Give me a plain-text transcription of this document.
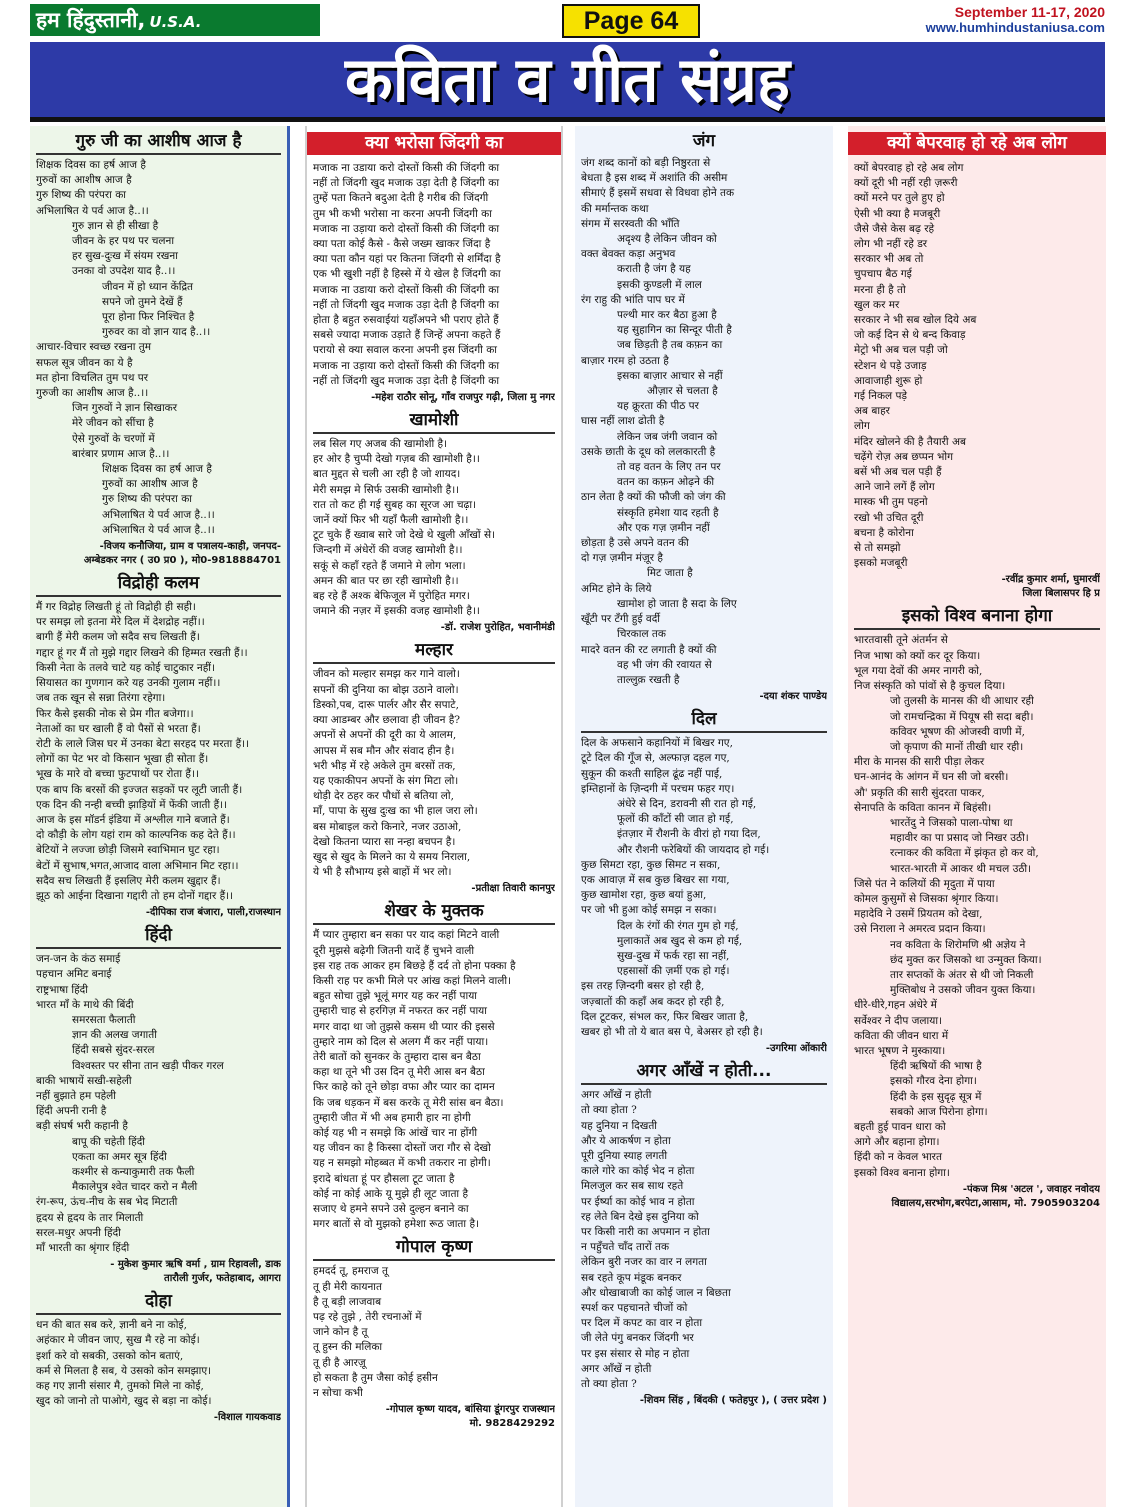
हम हिंदुस्तानी, U.S.A.	Page 64	September 11-17, 2020
www.humhindustaniusa.com
कविता व गीत संग्रह
गुरु जी का आशीष आज है
शिक्षक दिवस का हर्ष आज है
गुरुवों का आशीष आज है
गुरु शिष्य की परंपरा का
अभिलाषित ये पर्व आज है..।।
गुरु ज्ञान से ही सीखा है
जीवन के हर पथ पर चलना
हर सुख-दुःख में संयम रखना
उनका वो उपदेश याद है..।।
जीवन में हो ध्यान केंद्रित
सपने जो तुमने देखें हैं
पूरा होना फिर निश्चित है
गुरुवर का वो ज्ञान याद है..।।
आचार-विचार स्वच्छ रखना तुम
सफल सूत्र जीवन का ये है
मत होना विचलित तुम पथ पर
गुरुजी का आशीष आज है..।।
जिन गुरुवों ने ज्ञान सिखाकर
मेरे जीवन को सींचा है
ऐसे गुरुवों के चरणों में
बारंबार प्रणाम आज है..।।
शिक्षक दिवस का हर्ष आज है
गुरुवों का आशीष आज है
गुरु शिष्य की परंपरा का
अभिलाषित ये पर्व आज है..।।
अभिलाषित ये पर्व आज है..।।
-विजय कनौजिया, ग्राम व पत्रालय-काही, जनपद-
अम्बेडकर नगर ( उ0 प्र0 ), मो0-9818884701
विद्रोही कलम
मैं गर विद्रोह लिखती हूं तो विद्रोही ही सही।
पर समझ लो इतना मेरे दिल में देशद्रोह नहीं।।
बागी हैं मेरी कलम जो सदैव सच लिखती हैं।
गद्दार हूं गर मैं तो मुझे गद्दार लिखने की हिम्मत रखती हैं।।
किसी नेता के तलवे चाटे यह कोई चाटुकार नहीं।
सियासत का गुणगान करे यह उनकी गुलाम नहीं।।
जब तक खून से सन्ना तिरंगा रहेगा।
फिर कैसे इसकी नोक से प्रेम गीत बजेगा।।
नेताओं का घर खाली हैं वो पैसों से भरता हैं।
रोटी के लाले जिस घर में उनका बेटा सरहद पर मरता हैं।।
लोगों का पेट भर वो किसान भूखा ही सोता हैं।
भूख के मारे वो बच्चा फुटपाथों पर रोता हैं।।
एक बाप कि बरसों की इज्जत सड़कों पर लूटी जाती हैं।
एक दिन की नन्ही बच्ची झाड़ियों में फेंकी जाती हैं।।
आज के इस मॉडर्न इंडिया में अश्लील गाने बजाते हैं।
दो कौड़ी के लोग यहां राम को काल्पनिक कह देते हैं।।
बेटियों ने लज्जा छोड़ी जिसमे स्वाभिमान घुट रहा।
बेटों में सुभाष,भगत,आजाद वाला अभिमान मिट रहा।।
सदैव सच लिखती हैं इसलिए मेरी कलम खुद्दार हैं।
झूठ को आईना दिखाना गद्दारी तो हम दोनों गद्दार हैं।।
-दीपिका राज बंजारा, पाली,राजस्थान
हिंदी
जन-जन के कंठ समाई
पहचान अमिट बनाई
राष्ट्रभाषा हिंदी
भारत माँ के माथे की बिंदी
समरसता फैलाती
ज्ञान की अलख जगाती
हिंदी सबसे सुंदर-सरल
विश्वस्तर पर सीना तान खड़ी पीकर गरल
बाकी भाषायें सखी-सहेली
नहीं बुझाते हम पहेली
हिंदी अपनी रानी है
बड़ी संघर्ष भरी कहानी है
बापू की चहेती हिंदी
एकता का अमर सूत्र हिंदी
कश्मीर से कन्याकुमारी तक फैली
मैकालेपुत्र श्वेत चादर करो न मैली
रंग-रूप, ऊंच-नीच के सब भेद मिटाती
हृदय से हृदय के तार मिलाती
सरल-मधुर अपनी हिंदी
माँ भारती का श्रृंगार हिंदी
- मुकेश कुमार ऋषि वर्मा , ग्राम रिहावली, डाक
तारौली गुर्जर, फतेहाबाद, आगरा
दोहा
धन की बात सब करे, ज्ञानी बने ना कोई,
अहंकार मे जीवन जाए, सुख मै रहे ना कोई।
इर्शा करे वो सबकी, उसको कोन बताएं,
कर्म से मिलता है सब, ये उसको कोन समझाए।
कह गए ज्ञानी संसार मै, तुमको मिले ना कोई,
खुद को जानो तो पाओगे, खुद से बड़ा ना कोई।
-विशाल गायकवाड
क्या भरोसा जिंदगी का
मजाक ना उडाया करो दोस्तों किसी की जिंदगी का
नहीं तो जिंदगी खुद मजाक उड़ा देती है जिंदगी का
तुम्हें पता कितने बदुआ देती है गरीब की जिंदगी
तुम भी कभी भरोसा ना करना अपनी जिंदगी का
मजाक ना उड़ाया करो दोस्तों किसी की जिंदगी का
क्या पता कोई कैसे - कैसे जख्म खाकर जिंदा है
क्या पता कौन यहां पर कितना जिंदगी से शर्मिंदा है
एक भी खुशी नहीं है हिस्से में ये खेल है जिंदगी का
मजाक ना उडाया करो दोस्तों किसी की जिंदगी का
नहीं तो जिंदगी खुद मजाक उड़ा देती है जिंदगी का
होता है बहुत रुसवाईयां यहाँअपने भी पराए होते हैं
सबसे ज्यादा मजाक उड़ाते हैं जिन्हें अपना कहते हैं
परायो से क्या सवाल करना अपनी इस जिंदगी का
मजाक ना उड़ाया करो दोस्तों किसी की जिंदगी का
नहीं तो जिंदगी खुद मजाक उड़ा देती है जिंदगी का
-महेश राठौर सोनू, गाँव राजपुर गढ़ी, जिला मु नगर
खामोशी
लब सिल गए अजब की खामोशी है।
हर ओर है चुप्पी देखो गज़ब की खामोशी है।।
बात मुद्दत से चली आ रही है जो शायद।
मेरी समझ मे सिर्फ उसकी खामोशी है।।
रात तो कट ही गई सुबह का सूरज आ चढ़ा।
जानें क्यों फिर भी यहाँ फैली खामोशी है।।
टूट चुके हैं ख्वाब सारे जो देखे थे खुली आँखों से।
जिन्दगी में अंधेरों की वजह खामोशी है।।
सकूं से कहाँ रहते हैं जमाने मे लोग भला।
अमन की बात पर छा रही खामोशी है।।
बह रहे हैं अश्क बेफिजूल में पुरोहित मगर।
जमाने की नज़र में इसकी वजह खामोशी है।।
-डॉ. राजेश पुरोहित, भवानीमंडी
मल्हार
जीवन को मल्हार समझ कर गाने वालो।
सपनों की दुनिया का बोझ उठाने वालो।
डिस्को,पब, दारू पार्लर और सैर सपाटे,
क्या आडम्बर और छलावा ही जीवन है?
अपनों से अपनों की दूरी का ये आलम,
आपस में सब मौन और संवाद हीन है।
भरी भीड़ में रहे अकेले तुम बरसों तक,
यह एकाकीपन अपनों के संग मिटा लो।
थोड़ी देर ठहर कर पौधों से बतिया लो,
माँ, पापा के सुख दुःख का भी हाल जरा लो।
बस मोबाइल करो किनारे, नजर उठाओ,
देखो कितना प्यारा सा नन्हा बचपन है।
खुद से खुद के मिलने का ये समय निराला,
ये भी है सौभाग्य इसे बाहों में भर लो।
-प्रतीक्षा तिवारी कानपुर
शेखर के मुक्तक
मैं प्यार तुम्हारा बन सका पर याद कहां मिटने वाली
दूरी मुझसे बढ़ेगी जितनी यादें हैं चुभने वाली
इस राह तक आकर हम बिछड़े हैं दर्द तो होना पक्का है
किसी राह पर कभी मिले पर आंख कहां मिलने वाली।
बहुत सोचा तुझे भूलूं मगर यह कर नहीं पाया
तुम्हारी चाह से हरगिज़ में नफरत कर नहीं पाया
मगर वादा था जो तुझसे कसम थी प्यार की इससे
तुम्हारे नाम को दिल से अलग मैं कर नहीं पाया।
तेरी बातों को सुनकर के तुम्हारा दास बन बैठा
कहा था तूने भी उस दिन तू मेरी आस बन बैठा
फिर काहे को तूने छोड़ा वफा और प्यार का दामन
कि जब धड़कन में बस करके तू मेरी सांस बन बैठा।
तुम्हारी जीत में भी अब हमारी हार ना होगी
कोई यह भी न समझे कि आंखें चार ना होंगी
यह जीवन का है किस्सा दोस्तों जरा गौर से देखो
यह न समझो मोहब्बत में कभी तकरार ना होगी।
इरादे बांधता हूं पर हौसला टूट जाता है
कोई ना कोई आके यू मुझे ही लूट जाता है
सजाए थे हमने सपने उसे दुल्हन बनाने का
मगर बातों से वो मुझको हमेशा रूठ जाता है।
गोपाल कृष्ण
हमदर्द तू, हमराज तू
तू ही मेरी कायनात
है तू बड़ी लाजवाब
पढ़ रहे तुझे , तेरी रचनाओं में
जाने कोन है तू
तू हुस्न की मलिका
तू ही है आरज़ू
हो सकता है तुम जैसा कोई हसीन
न सोचा कभी
-गोपाल कृष्ण यादव, बांसिया डूंगरपुर राजस्थान
मो. 9828429292
जंग
जंग शब्द कानों को बड़ी निष्ठुरता से
बेधता है इस शब्द में अशांति की असीम
सीमाएं हैं इसमें सधवा से विधवा होने तक
की मर्मान्तक कथा
संगम में सरस्वती की भाँति
अदृश्य है लेकिन जीवन को
वक्त बेवक्त कड़ा अनुभव
कराती है जंग है यह
इसकी कुण्डली में लाल
रंग राहु की भांति पाप घर में
पल्थी मार कर बैठा हुआ है
यह सुहागिन का सिन्दूर पीती है
जब छिड़ती है तब कफ़न का
बाज़ार गरम हो उठता है
इसका बाज़ार आचार से नहीं
औज़ार से चलता है
यह क्रूरता की पीठ पर
घास नहीं लाश ढोती है
लेकिन जब जंगी जवान को
उसके छाती के दूध को ललकारती है
तो वह वतन के लिए तन पर
वतन का कफ़न ओढ़ने की
ठान लेता है क्यों की फौजी को जंग की
संस्कृति हमेशा याद रहती है
और एक गज़ ज़मीन नहीं
छोड़ता है उसे अपने वतन की
दो गज़ ज़मीन मंज़ूर है
मिट जाता है
अमिट होने के लिये
खामोश हो जाता है सदा के लिए
खूँटी पर टँगी हुई वर्दी
चिरकाल तक
मादरे वतन की रट लगाती है क्यों की
वह भी जंग की रवायत से
ताल्लुक़ रखती है
-दया शंकर पाण्डेय
दिल
दिल के अफसाने कहानियों में बिखर गए,
टूटे दिल की गूँज से, अल्फाज़ दहल गए,
सुकून की कश्ती साहिल ढूंढ नहीं पाई,
इम्तिहानों के ज़िन्दगी में परचम फहर गए।
अंधेरे से दिन, डरावनी सी रात हो गई,
फूलों की काँटों सी जात हो गई,
इंतज़ार में रौशनी के वीरां हो गया दिल,
और रौशनी फरेबियों की जायदाद हो गई।
कुछ सिमटा रहा, कुछ सिमट न सका,
एक आवाज़ में सब कुछ बिखर सा गया,
कुछ खामोश रहा, कुछ बयां हुआ,
पर जो भी हुआ कोई समझ न सका।
दिल के रंगों की रंगत गुम हो गई,
मुलाकातें अब खुद से कम हो गई,
सुख-दुख में फर्क रहा सा नहीं,
एहसासों की ज़मीं एक हो गई।
इस तरह ज़िन्दगी बसर हो रही है,
जज़्बातों की कहाँ अब कदर हो रही है,
दिल टूटकर, संभल कर, फिर बिखर जाता है,
खबर हो भी तो ये बात बस पे, बेअसर हो रही है।
-उगरिमा ओंकारी
अगर आँखें न होती...
अगर आँखें न होती
तो क्या होता ?
यह दुनिया न दिखती
और ये आकर्षण न होता
पूरी दुनिया स्याह लगती
काले गोरे का कोई भेद न होता
मिलजुल कर सब साथ रहते
पर ईर्ष्या का कोई भाव न होता
रह लेते बिन देखे इस दुनिया को
पर किसी नारी का अपमान न होता
न पहुँचते चाँद तारों तक
लेकिन बुरी नजर का वार न लगता
सब रहते कूप मंडूक बनकर
और धोखाबाजी का कोई जाल न बिछता
स्पर्श कर पहचानते चीजों को
पर दिल में कपट का वार न होता
जी लेते पंगु बनकर जिंदगी भर
पर इस संसार से मोह न होता
अगर आँखें न होती
तो क्या होता ?
-शिवम सिंह , बिंदकी ( फतेहपुर ), ( उत्तर प्रदेश )
क्यों बेपरवाह हो रहे अब लोग
क्यों बेपरवाह हो रहे अब लोग
क्यों दूरी भी नहीं रही ज़रूरी
क्यों मरने पर तुले हुए हो
ऐसी भी क्या है मजबूरी
जैसे जैसे केस बढ़ रहे
लोग भी नहीं रहे डर
सरकार भी अब तो
चुपचाप बैठ गई
मरना ही है तो
खुल कर मर
सरकार ने भी सब खोल दिये अब
जो कई दिन से थे बन्द किवाड़
मेट्रो भी अब चल पड़ी जो
स्टेशन थे पड़े उजाड़
आवाजाही शुरू हो
गई निकल पड़े
अब बाहर
लोग
मंदिर खोलने की है तैयारी अब
चढ़ेंगे रोज़ अब छप्पन भोग
बसें भी अब चल पड़ी हैं
आने जाने लगें हैं लोग
मास्क भी तुम पहनो
रखो भी उचित दूरी
बचना है कोरोना
से तो समझो
इसको मजबूरी
-रवींद्र कुमार शर्मा, घुमारवीं
जिला बिलासपर हि प्र
इसको विश्व बनाना होगा
भारतवासी तूने अंतर्मन से
निज भाषा को क्यों कर दूर किया।
भूल गया देवों की अमर नागरी को,
निज संस्कृति को पांवों से है कुचल दिया।
जो तुलसी के मानस की थी आधार रही
जो रामचन्द्रिका में पियूष सी सदा बही।
कविवर भूषण की ओजस्वी वाणी में,
जो कृपाण की मानों तीखी धार रही।
मीरा के मानस की सारी पीड़ा लेकर
घन-आनंद के आंगन में घन सी जो बरसी।
औ' प्रकृति की सारी सुंदरता पाकर,
सेनापति के कविता कानन में बिहंसी।
भारतेंदु ने जिसको पाला-पोषा था
महावीर का पा प्रसाद जो निखर उठी।
रत्नाकर की कविता में झंकृत हो कर वो,
भारत-भारती में आकर थी मचल उठी।
जिसे पंत ने कलियों की मृदुता में पाया
कोमल कुसुमों से जिसका श्रृंगार किया।
महादेवि ने उसमें प्रियतम को देखा,
उसे निराला ने अमरत्व प्रदान किया।
नव कविता के शिरोमणि श्री अज्ञेय ने
छंद मुक्त कर जिसको था उन्मुक्त किया।
तार सप्तकों के अंतर से थी जो निकली
मुक्तिबोध ने उसको जीवन युक्त किया।
धीरे-धीरे,गहन अंधेरे में
सर्वेश्वर ने दीप जलाया।
कविता की जीवन धारा में
भारत भूषण ने मुस्काया।
हिंदी ऋषियों की भाषा है
इसको गौरव देना होगा।
हिंदी के इस सुदृढ़ सूत्र में
सबको आज पिरोना होगा।
बहती हुई पावन धारा को
आगे और बहाना होगा।
हिंदी को न केवल भारत
इसको विश्व बनाना होगा।
-पंकज मिश्र 'अटल ', जवाहर नवोदय
विद्यालय,सरभोग,बरपेटा,आसाम, मो. 7905903204
